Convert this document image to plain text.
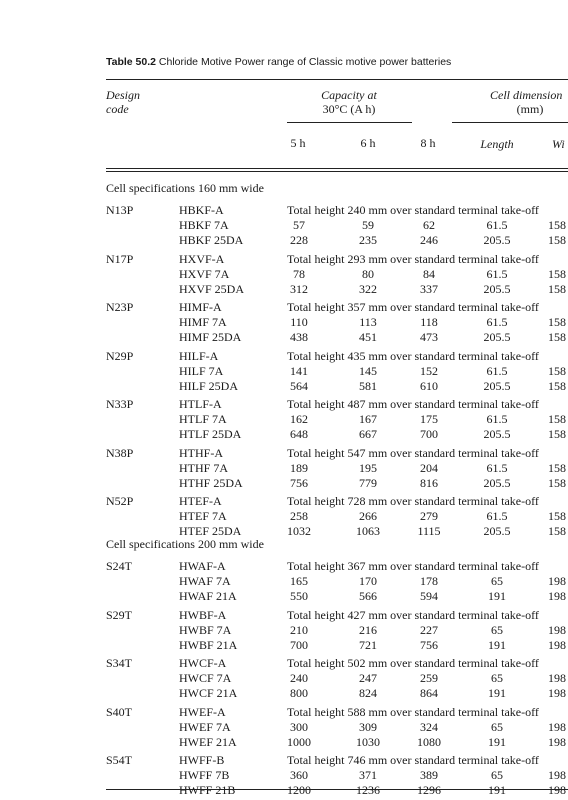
Table 50.2 Chloride Motive Power range of Classic motive power batteries
Design
code
Capacity at
30°C (A h)
Cell dimension
(mm)
5 h	6 h	8 h	Length	Wi
Cell specifications 160 mm wide
N13P	HBKF-A	Total height 240 mm over standard terminal take-off
HBKF 7A	57	59	62	61.5	158
HBKF 25DA	228	235	246	205.5	158
N17P	HXVF-A	Total height 293 mm over standard terminal take-off
HXVF 7A	78	80	84	61.5	158
HXVF 25DA	312	322	337	205.5	158
N23P	HIMF-A	Total height 357 mm over standard terminal take-off
HIMF 7A	110	113	118	61.5	158
HIMF 25DA	438	451	473	205.5	158
N29P	HILF-A	Total height 435 mm over standard terminal take-off
HILF 7A	141	145	152	61.5	158
HILF 25DA	564	581	610	205.5	158
N33P	HTLF-A	Total height 487 mm over standard terminal take-off
HTLF 7A	162	167	175	61.5	158
HTLF 25DA	648	667	700	205.5	158
N38P	HTHF-A	Total height 547 mm over standard terminal take-off
HTHF 7A	189	195	204	61.5	158
HTHF 25DA	756	779	816	205.5	158
N52P	HTEF-A	Total height 728 mm over standard terminal take-off
HTEF 7A	258	266	279	61.5	158
HTEF 25DA	1032	1063	1115	205.5	158
Cell specifications 200 mm wide
S24T	HWAF-A	Total height 367 mm over standard terminal take-off
HWAF 7A	165	170	178	65	198
HWAF 21A	550	566	594	191	198
S29T	HWBF-A	Total height 427 mm over standard terminal take-off
HWBF 7A	210	216	227	65	198
HWBF 21A	700	721	756	191	198
S34T	HWCF-A	Total height 502 mm over standard terminal take-off
HWCF 7A	240	247	259	65	198
HWCF 21A	800	824	864	191	198
S40T	HWEF-A	Total height 588 mm over standard terminal take-off
HWEF 7A	300	309	324	65	198
HWEF 21A	1000	1030	1080	191	198
S54T	HWFF-B	Total height 746 mm over standard terminal take-off
HWFF 7B	360	371	389	65	198
HWFF 21B	1200	1236	1296	191	198
